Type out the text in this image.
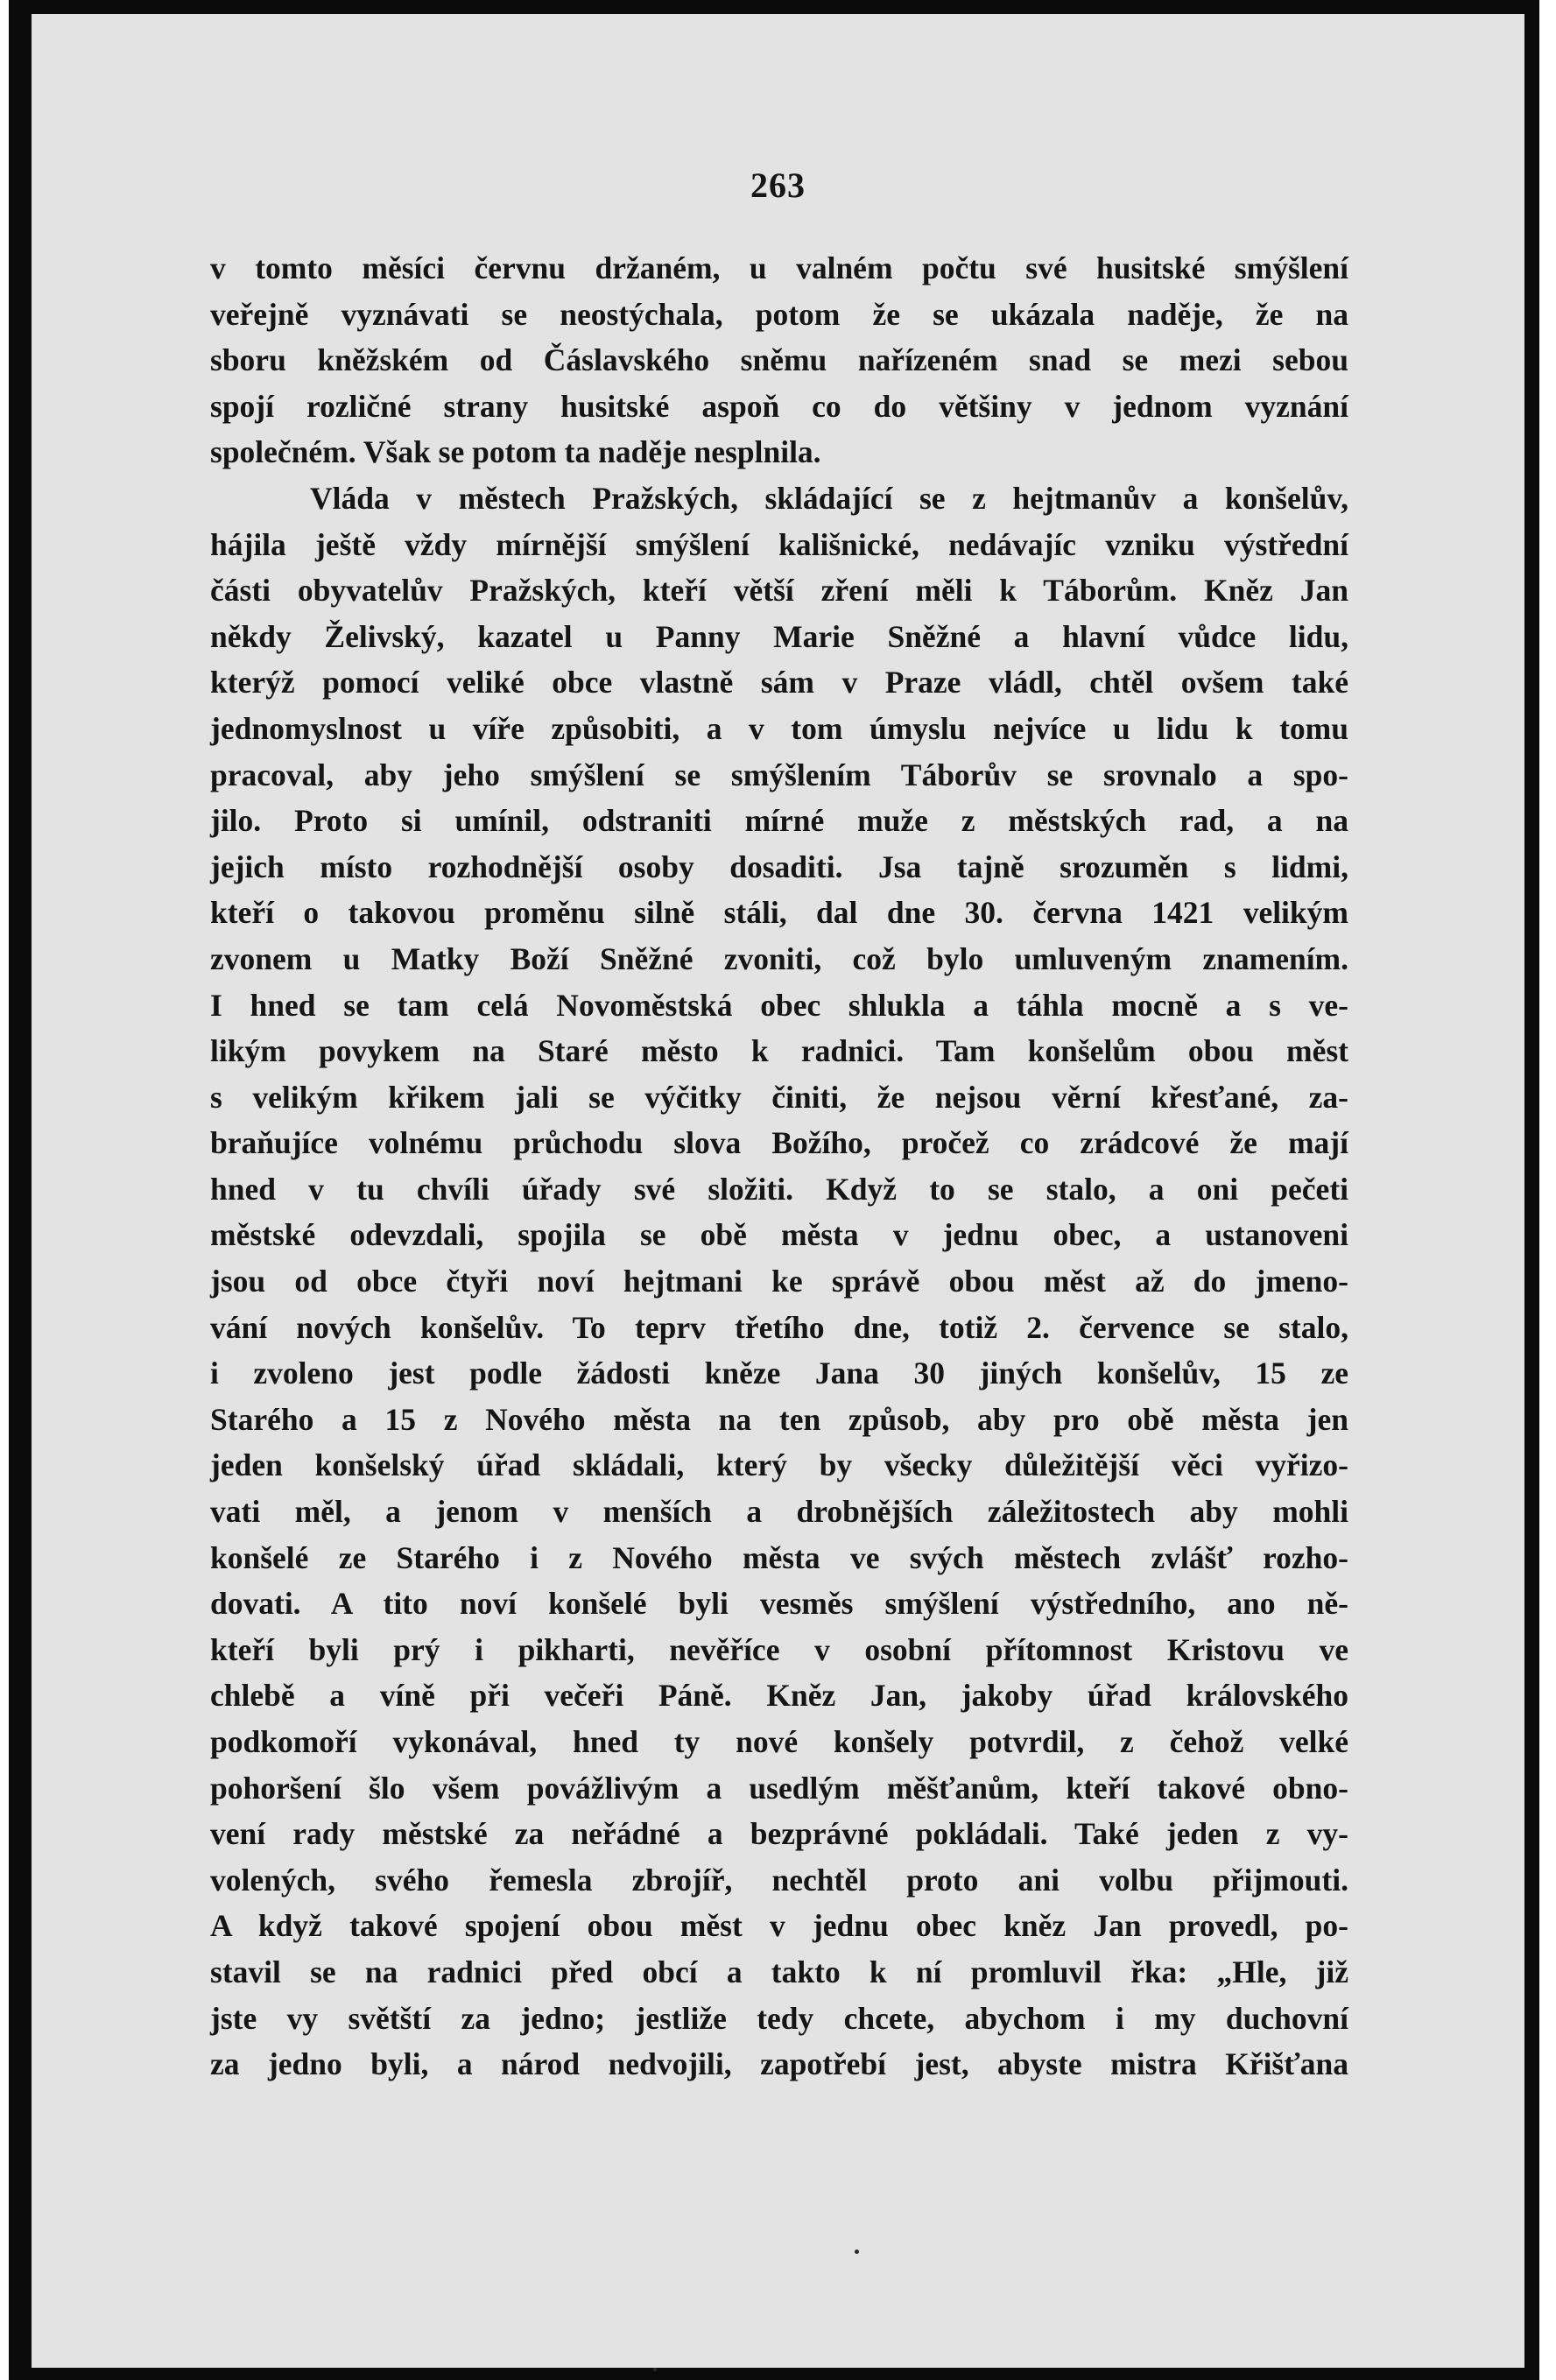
263
v tomto měsíci červnu držaném, u valném počtu své husitské smýšlení
veřejně vyznávati se neostýchala, potom že se ukázala naděje, že na
sboru kněžském od Čáslavského sněmu nařízeném snad se mezi sebou
spojí rozličné strany husitské aspoň co do většiny v jednom vyznání
společném. Však se potom ta naděje nesplnila.
Vláda v městech Pražských, skládající se z hejtmanův a konšelův,
hájila ještě vždy mírnější smýšlení kališnické, nedávajíc vzniku výstřední
části obyvatelův Pražských, kteří větší zření měli k Táborům. Kněz Jan
někdy Želivský, kazatel u Panny Marie Sněžné a hlavní vůdce lidu,
kterýž pomocí veliké obce vlastně sám v Praze vládl, chtěl ovšem také
jednomyslnost u víře způsobiti, a v tom úmyslu nejvíce u lidu k tomu
pracoval, aby jeho smýšlení se smýšlením Táborův se srovnalo a spo-
jilo. Proto si umínil, odstraniti mírné muže z městských rad, a na
jejich místo rozhodnější osoby dosaditi. Jsa tajně srozuměn s lidmi,
kteří o takovou proměnu silně stáli, dal dne 30. června 1421 velikým
zvonem u Matky Boží Sněžné zvoniti, což bylo umluveným znamením.
I hned se tam celá Novoměstská obec shlukla a táhla mocně a s ve-
likým povykem na Staré město k radnici. Tam konšelům obou měst
s velikým křikem jali se výčitky činiti, že nejsou věrní křesťané, za-
braňujíce volnému průchodu slova Božího, pročež co zrádcové že mají
hned v tu chvíli úřady své složiti. Když to se stalo, a oni pečeti
městské odevzdali, spojila se obě města v jednu obec, a ustanoveni
jsou od obce čtyři noví hejtmani ke správě obou měst až do jmeno-
vání nových konšelův. To teprv třetího dne, totiž 2. července se stalo,
i zvoleno jest podle žádosti kněze Jana 30 jiných konšelův, 15 ze
Starého a 15 z Nového města na ten způsob, aby pro obě města jen
jeden konšelský úřad skládali, který by všecky důležitější věci vyřizo-
vati měl, a jenom v menších a drobnějších záležitostech aby mohli
konšelé ze Starého i z Nového města ve svých městech zvlášť rozho-
dovati. A tito noví konšelé byli vesměs smýšlení výstředního, ano ně-
kteří byli prý i pikharti, nevěříce v osobní přítomnost Kristovu ve
chlebě a víně při večeři Páně. Kněz Jan, jakoby úřad královského
podkomoří vykonával, hned ty nové konšely potvrdil, z čehož velké
pohoršení šlo všem povážlivým a usedlým měšťanům, kteří takové obno-
vení rady městské za neřádné a bezprávné pokládali. Také jeden z vy-
volených, svého řemesla zbrojíř, nechtěl proto ani volbu přijmouti.
A když takové spojení obou měst v jednu obec kněz Jan provedl, po-
stavil se na radnici před obcí a takto k ní promluvil řka: „Hle, již
jste vy světští za jedno; jestliže tedy chcete, abychom i my duchovní
za jedno byli, a národ nedvojili, zapotřebí jest, abyste mistra Křišťana
